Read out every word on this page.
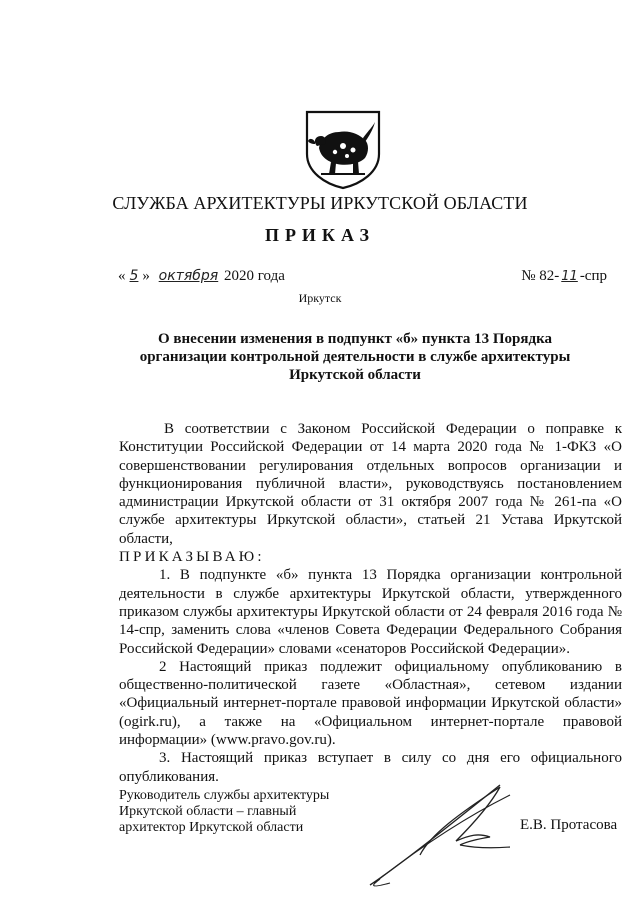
СЛУЖБА АРХИТЕКТУРЫ ИРКУТСКОЙ ОБЛАСТИ
ПРИКАЗ
« 5 » октября 2020 года	№ 82- 11 -спр
Иркутск
О внесении изменения в подпункт «б» пункта 13 Порядка
организации контрольной деятельности в службе архитектуры
Иркутской области

В соответствии с Законом Российской Федерации о поправке к Конституции Российской Федерации от 14 марта 2020 года № 1-ФКЗ «О совершенствовании регулирования отдельных вопросов организации и функционирования публичной власти», руководствуясь постановлением администрации Иркутской области от 31 октября 2007 года № 261-па «О службе архитектуры Иркутской области», статьей 21 Устава Иркутской области,

ПРИКАЗЫВАЮ:

1. В подпункте «б» пункта 13 Порядка организации контрольной деятельности в службе архитектуры Иркутской области, утвержденного приказом службы архитектуры Иркутской области от 24 февраля 2016 года № 14-спр, заменить слова «членов Совета Федерации Федерального Собрания Российской Федерации» словами «сенаторов Российской Федерации».

2 Настоящий приказ подлежит официальному опубликованию в общественно-политической газете «Областная», сетевом издании «Официальный интернет-портале правовой информации Иркутской области» (ogirk.ru), а также на «Официальном интернет-портале правовой информации» (www.pravo.gov.ru).

3. Настоящий приказ вступает в силу со дня его официального опубликования.

Руководитель службы архитектуры
Иркутской области – главный
архитектор Иркутской области	Е.В. Протасова
